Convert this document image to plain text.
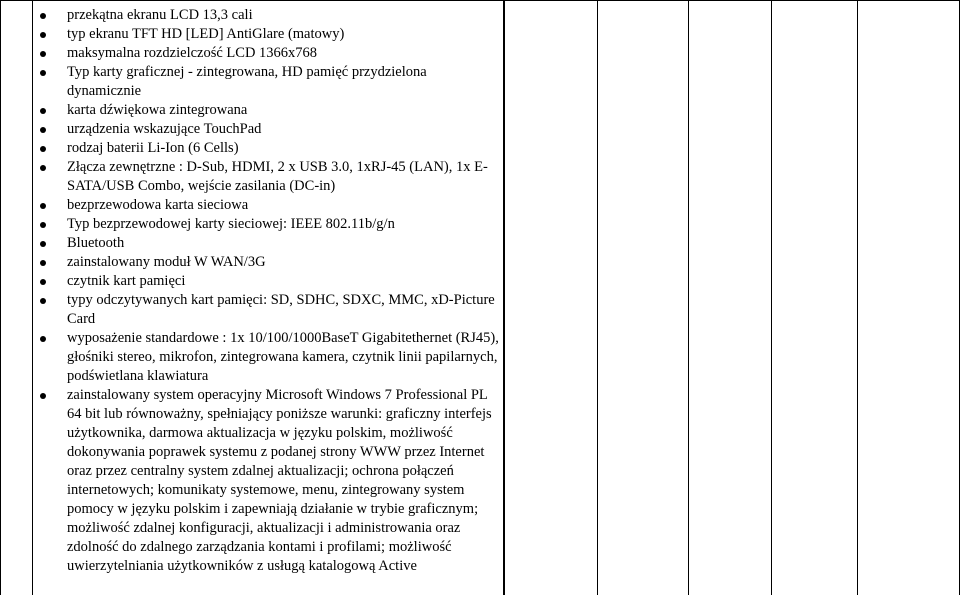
przekątna ekranu LCD 13,3 cali
typ ekranu TFT HD [LED] AntiGlare (matowy)
maksymalna rozdzielczość LCD 1366x768
Typ karty graficznej - zintegrowana, HD pamięć przydzielona dynamicznie
karta dźwiękowa zintegrowana
urządzenia wskazujące TouchPad
rodzaj baterii Li-Ion (6 Cells)
Złącza zewnętrzne : D-Sub, HDMI, 2 x USB 3.0, 1xRJ-45 (LAN), 1x E-SATA/USB Combo, wejście zasilania (DC-in)
bezprzewodowa karta sieciowa
Typ bezprzewodowej karty sieciowej: IEEE 802.11b/g/n
Bluetooth
zainstalowany moduł W WAN/3G
czytnik kart pamięci
typy odczytywanych kart pamięci: SD, SDHC, SDXC, MMC, xD-Picture Card
wyposażenie standardowe : 1x 10/100/1000BaseT Gigabitethernet (RJ45), głośniki stereo, mikrofon, zintegrowana kamera, czytnik linii papilarnych, podświetlana klawiatura
zainstalowany system operacyjny Microsoft Windows 7 Professional PL 64 bit lub równoważny, spełniający poniższe warunki: graficzny interfejs użytkownika, darmowa aktualizacja w języku polskim, możliwość dokonywania poprawek systemu z podanej strony WWW przez Internet oraz przez centralny system zdalnej aktualizacji; ochrona połączeń internetowych; komunikaty systemowe, menu, zintegrowany system pomocy w języku polskim i zapewniają działanie w trybie graficznym; możliwość zdalnej konfiguracji, aktualizacji i administrowania oraz zdolność do zdalnego zarządzania kontami i profilami; możliwość uwierzytelniania użytkowników z usługą katalogową Active
